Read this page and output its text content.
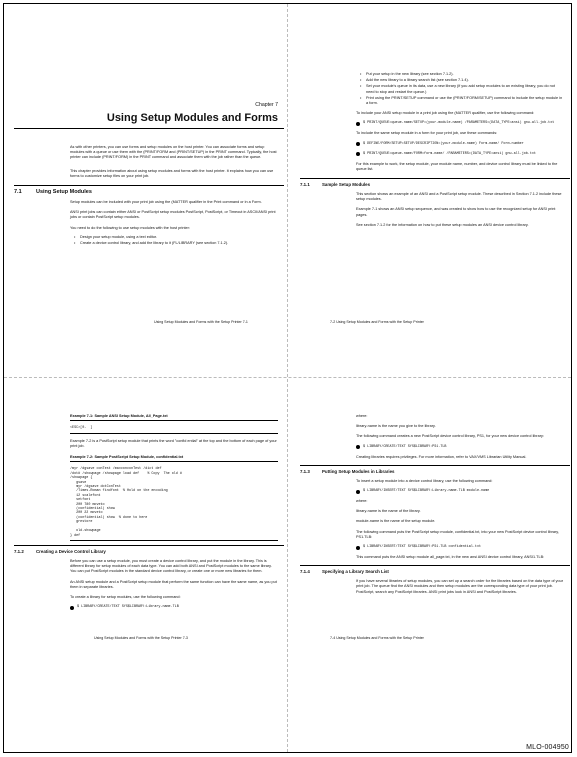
Chapter 7
Using Setup Modules and Forms
As with other printers, you can use forms and setup modules on the host printer. You can associate forms and setup modules with a queue or use them with the (PRINT/FORM and (PRINT/SETUP) in the PRINT command. Typically, the host printer can include (PRINT/FORM) in the PRINT command and associate them with the job rather than the queue.
This chapter provides information about using setup modules and forms with the host printer. It explains how you can use forms to customize setup files on your print job.
7.1	Using Setup Modules
Setup modules can be included with your print job using the (MATTER qualifier in the Print command or in a Form.
ANSI print jobs can contain either ANSI or PostScript setup modules PostScript, PostScript, or Timeout in ASCII/ANSI print jobs or contain PostScript setup modules.
You need to do the following to use setup modules with the host printer:
• Design your setup module, using a text editor.
• Create a device control library, and add the library to it (FL/LIBRARY (see section 7.1.2).
Using Setup Modules and Forms with the Setup Printer 7-1
• Put your setup in the new library (see section 7.1.2).
• Add the new library to a library search list (see section 7.1.4).
• Set your module's queue in its data, use a new library (if you add setup modules to an existing library, you do not need to stop and restart the queue.)
• Print using the PRINT/SETUP command or use the (PRINT/FORM/SETUP) command to include the setup module in a form.
To include your ANSI setup module in a print job using the (MATTER qualifier, use the following command:
$ PRINT/QUEUE=queue-name/SETUP=(your-module-name) /PARAMETERS=(DATA_TYPE=ansi) gnu-all.job.txt
To include the same setup module in a form for your print job, use these commands:
$ DEFINE/FORM/SETUP=SETUP/DESCRIPTION=(your-module-name) Form-name/ Form-number
$ PRINT/QUEUE=queue-name/FORM=form-name/ /PARAMETERS=(DATA_TYPE=ansi) gnu-all.job.txt
For this example to work, the setup module, your module name, number, and device control library must be linked to the queue list.
7.1.1	Sample Setup Modules
This section shows an example of an ANSI and a PostScript setup module. These described in Section 7.1.2 include these setup modules.
Example 7-1 shows an ANSI setup sequence, and was created to show how to use the recognized setup for ANSI print pages.
See section 7.1.2 for the information on how to put these setup modules an ANSI device control library.
7-2 Using Setup Modules and Forms with the Setup Printer
Example 7-1: Sample ANSI Setup Module, All_Page.txt
<ESC>[0-  ]
Example 7-2 is a PostScript setup module that prints the word "confid ential" at the top and the bottom of each page of your print job.
Example 7-2: Sample PostScript Setup Module, confidential.txt
/myr /dgsave conTest /maxconconTest /dict def
/dot# /showpage /showpage load def    % Copy  The old #
/showpage {
gsave
myr /dgsave dotConTest
/Times-Roman findfont  % Hold on the encoding
12 scalefont
setfont
200 780 moveto
(confidential) show
200 22 moveto
(confidential) show  % done to here
grestore

old-showpage
} def
7.1.2	Creating a Device Control Library
Before you can use a setup module, you must create a device control library, and put the module in the library. This is different library for setup modules of each data type. You can add both ANSI and PostScript modules to the same library. You can put PostScript modules in the standard device control library, or create one or more new libraries for them.
An ANSI setup module and a PostScript setup module that perform the same function can have the same name, as you put them in separate libraries.
To create a library for setup modules, use the following command:
$ LIBRARY/CREATE/TEXT SYS$LIBRARY:Library-name.TLB
Using Setup Modules and Forms with the Setup Printer 7-3
where:
library-name is the name you give to the library.
The following command creates a new PostScript device control library, PS1, for your new device control library:
$ LIBRARY/CREATE/TEXT SYS$LIBRARY:PS1.TLB
Creating libraries requires privileges. For more information, refer to VAX/VMS Librarian Utility Manual.
7.1.3	Putting Setup Modules in Libraries
To insert a setup module into a device control library, use the following command:
$ LIBRARY/INSERT/TEXT SYS$LIBRARY:Library-name.TLB module-name
where:
library-name is the name of the library.
module-name is the name of the setup module.
The following command puts the PostScript setup module, confidential.txt, into your new PostScript device control library, PS1.TLB:
$ LIBRARY/INSERT/TEXT SYS$LIBRARY:PS1.TLB confidential.txt
This command puts the ANSI setup module all_page.txt, in the new ansi ANSI device control library, ANSI1.TLB:
7.1.4	Specifying a Library Search List
If you have several libraries of setup modules, you can set up a search order for the libraries based on the data type of your print job. The queue find the ANSI modules and then setup modules are the corresponding data type of your print job. PostScript, search any PostScript libraries. ANSI print jobs look in ANSI and PostScript libraries.
7-4 Using Setup Modules and Forms with the Setup Printer
MLO-004950
